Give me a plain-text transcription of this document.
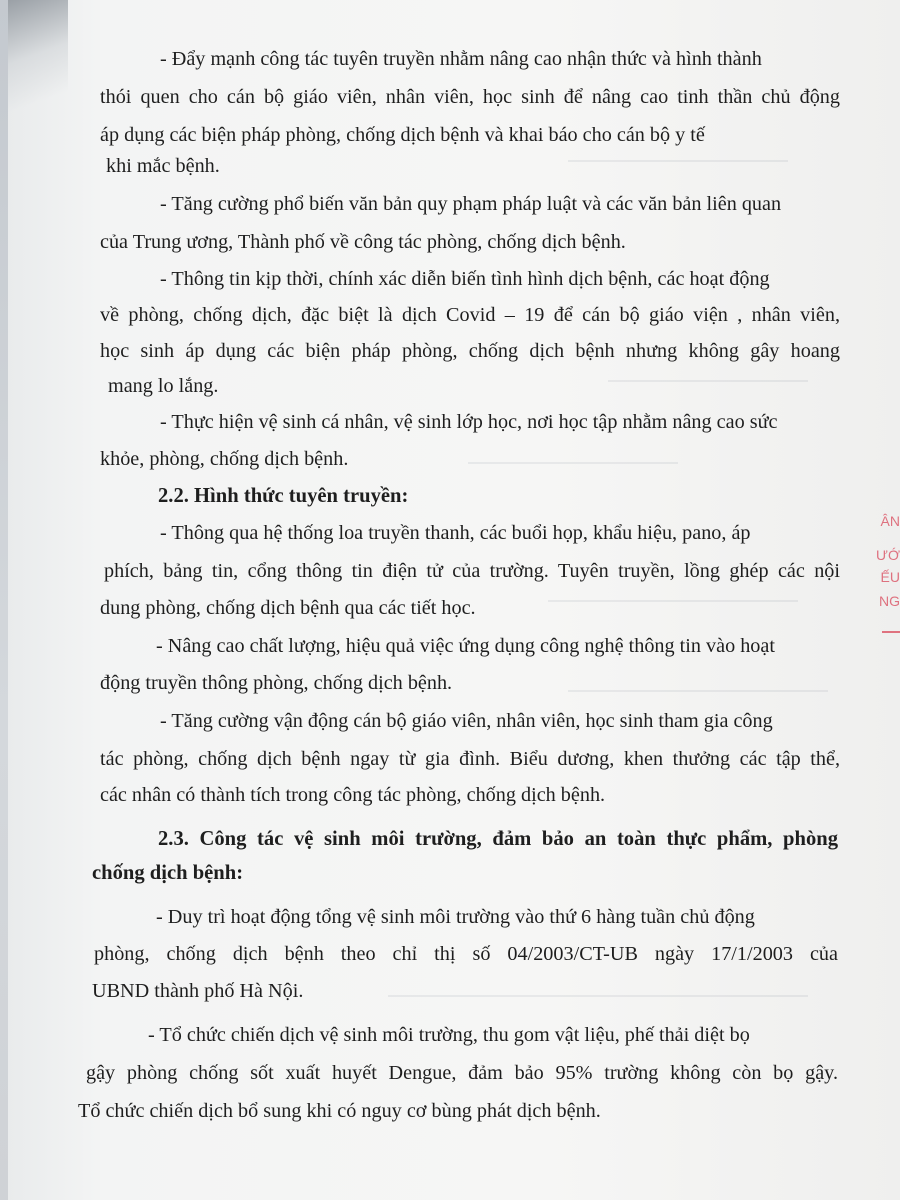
- Đẩy mạnh công tác tuyên truyền nhằm nâng cao nhận thức và hình thành
thói quen cho cán bộ giáo viên, nhân viên, học sinh để nâng cao tinh thần chủ động
áp dụng các biện pháp phòng, chống dịch bệnh và khai báo cho cán bộ y tế
khi mắc bệnh.
- Tăng cường phổ biến văn bản quy phạm pháp luật và các văn bản liên quan
của Trung ương, Thành phố về công tác phòng, chống dịch bệnh.
- Thông tin kịp thời, chính xác diễn biến tình hình dịch bệnh, các hoạt động
về phòng, chống dịch, đặc biệt là dịch Covid – 19 để cán bộ giáo viện , nhân viên,
học sinh áp dụng các biện pháp phòng, chống dịch bệnh nhưng không gây hoang
mang lo lắng.
- Thực hiện vệ sinh cá nhân, vệ sinh lớp học, nơi học tập nhằm nâng cao sức
khỏe, phòng, chống dịch bệnh.
2.2. Hình thức tuyên truyền:
- Thông qua hệ thống loa truyền thanh, các buổi họp, khẩu hiệu, pano, áp
phích, bảng tin, cổng thông tin điện tử của trường. Tuyên truyền, lồng ghép các nội
dung phòng, chống dịch bệnh qua các tiết học.
- Nâng cao chất lượng, hiệu quả việc ứng dụng công nghệ thông tin vào hoạt
động truyền thông phòng, chống dịch bệnh.
- Tăng cường vận động cán bộ giáo viên, nhân viên, học sinh tham gia công
tác phòng, chống dịch bệnh ngay từ gia đình. Biểu dương, khen thưởng các tập thể,
các nhân có thành tích trong công tác phòng, chống dịch bệnh.
2.3. Công tác vệ sinh môi trường, đảm bảo an toàn thực phẩm, phòng
chống dịch bệnh:
- Duy trì hoạt động tổng vệ sinh môi trường vào thứ 6 hàng tuần chủ động
phòng, chống dịch bệnh theo chỉ thị số 04/2003/CT-UB ngày 17/1/2003 của
UBND thành phố Hà Nội.
- Tổ chức chiến dịch vệ sinh môi trường, thu gom vật liệu, phế thải diệt bọ
gậy phòng chống sốt xuất huyết Dengue, đảm bảo 95% trường không còn bọ gậy.
Tổ chức chiến dịch bổ sung khi có nguy cơ bùng phát dịch bệnh.
ÂN
ƯỚ
ẾU
NG
